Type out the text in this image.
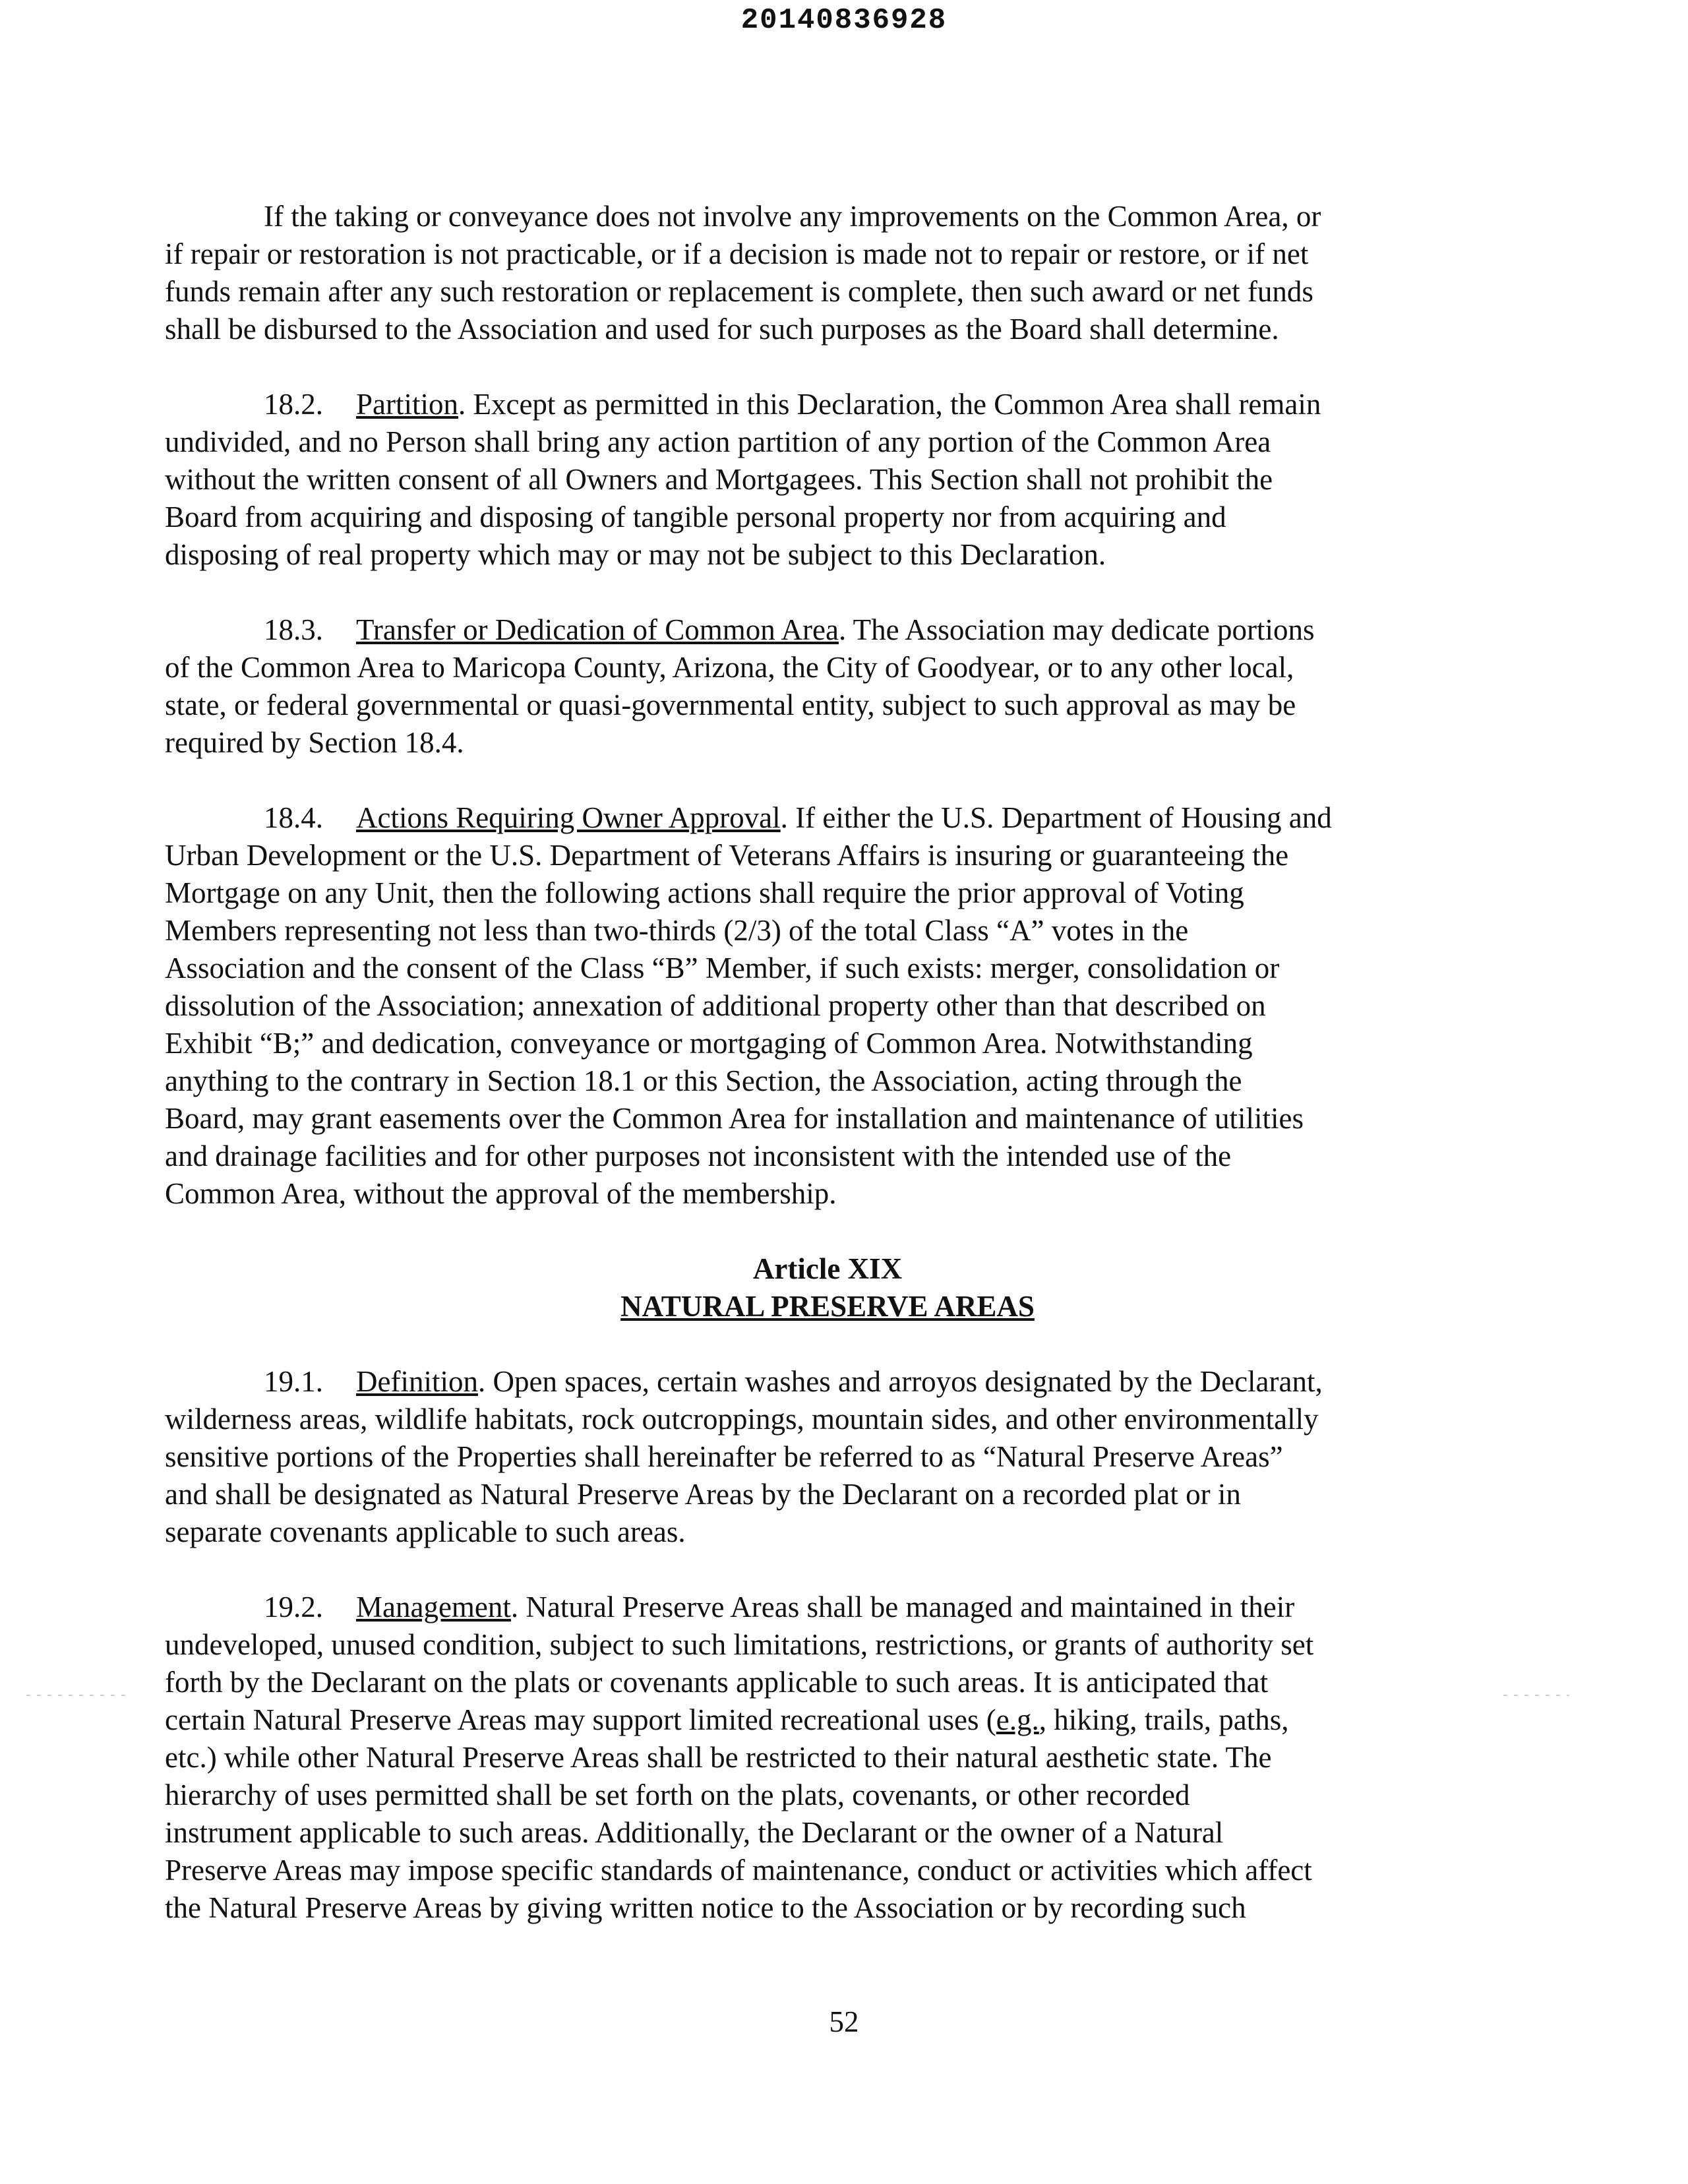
20140836928
If the taking or conveyance does not involve any improvements on the Common Area, or
if repair or restoration is not practicable, or if a decision is made not to repair or restore, or if net
funds remain after any such restoration or replacement is complete, then such award or net funds
shall be disbursed to the Association and used for such purposes as the Board shall determine.
18.2. Partition. Except as permitted in this Declaration, the Common Area shall remain
undivided, and no Person shall bring any action partition of any portion of the Common Area
without the written consent of all Owners and Mortgagees. This Section shall not prohibit the
Board from acquiring and disposing of tangible personal property nor from acquiring and
disposing of real property which may or may not be subject to this Declaration.
18.3. Transfer or Dedication of Common Area. The Association may dedicate portions
of the Common Area to Maricopa County, Arizona, the City of Goodyear, or to any other local,
state, or federal governmental or quasi-governmental entity, subject to such approval as may be
required by Section 18.4.
18.4. Actions Requiring Owner Approval. If either the U.S. Department of Housing and
Urban Development or the U.S. Department of Veterans Affairs is insuring or guaranteeing the
Mortgage on any Unit, then the following actions shall require the prior approval of Voting
Members representing not less than two-thirds (2/3) of the total Class “A” votes in the
Association and the consent of the Class “B” Member, if such exists: merger, consolidation or
dissolution of the Association; annexation of additional property other than that described on
Exhibit “B;” and dedication, conveyance or mortgaging of Common Area. Notwithstanding
anything to the contrary in Section 18.1 or this Section, the Association, acting through the
Board, may grant easements over the Common Area for installation and maintenance of utilities
and drainage facilities and for other purposes not inconsistent with the intended use of the
Common Area, without the approval of the membership.
Article XIX
NATURAL PRESERVE AREAS
19.1. Definition. Open spaces, certain washes and arroyos designated by the Declarant,
wilderness areas, wildlife habitats, rock outcroppings, mountain sides, and other environmentally
sensitive portions of the Properties shall hereinafter be referred to as “Natural Preserve Areas”
and shall be designated as Natural Preserve Areas by the Declarant on a recorded plat or in
separate covenants applicable to such areas.
19.2. Management. Natural Preserve Areas shall be managed and maintained in their
undeveloped, unused condition, subject to such limitations, restrictions, or grants of authority set
forth by the Declarant on the plats or covenants applicable to such areas. It is anticipated that
certain Natural Preserve Areas may support limited recreational uses (e.g., hiking, trails, paths,
etc.) while other Natural Preserve Areas shall be restricted to their natural aesthetic state. The
hierarchy of uses permitted shall be set forth on the plats, covenants, or other recorded
instrument applicable to such areas. Additionally, the Declarant or the owner of a Natural
Preserve Areas may impose specific standards of maintenance, conduct or activities which affect
the Natural Preserve Areas by giving written notice to the Association or by recording such
52
